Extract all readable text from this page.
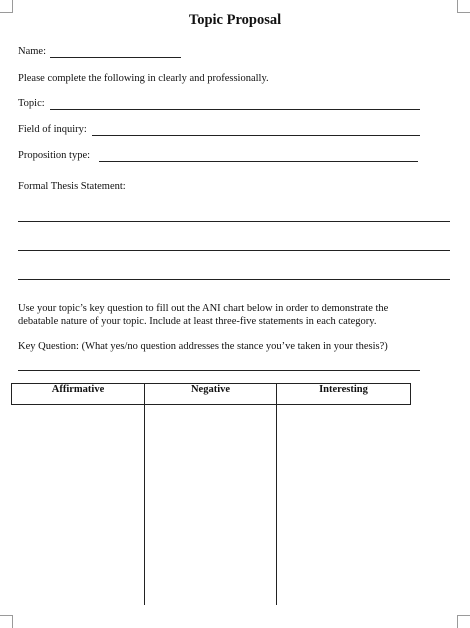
Topic Proposal
Name:
Please complete the following in clearly and professionally.
Topic:
Field of inquiry:
Proposition type:
Formal Thesis Statement:
Use your topic’s key question to fill out the ANI chart below in order to demonstrate the
debatable nature of your topic. Include at least three-five statements in each category.
Key Question: (What yes/no question addresses the stance you’ve taken in your thesis?)
Affirmative	Negative	Interesting
